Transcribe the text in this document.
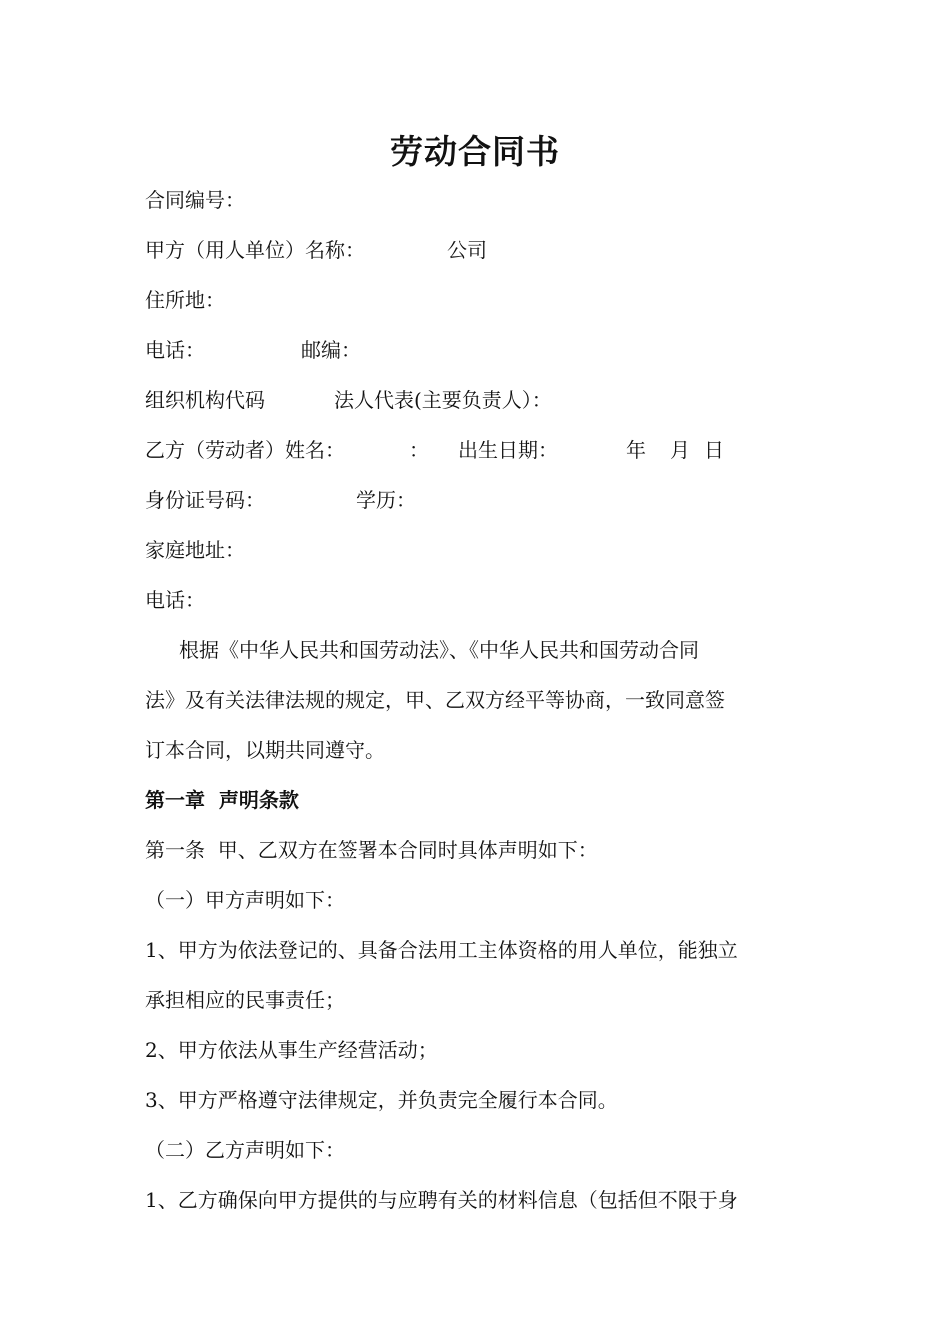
劳动合同书
合同编号：
甲方（用人单位）名称：	公司
住所地：
电话：	邮编：
组织机构代码	法人代表(主要负责人）：
乙方（劳动者）姓名：	： 出生日期：	年 月 日
身份证号码：	学历：
家庭地址：
电话：
根据《中华人民共和国劳动法》、《中华人民共和国劳动合同
法》及有关法律法规的规定，甲、乙双方经平等协商，一致同意签
订本合同，以期共同遵守。
第一章  声明条款
第一条  甲、乙双方在签署本合同时具体声明如下：
（一）甲方声明如下：
1、甲方为依法登记的、具备合法用工主体资格的用人单位，能独立
承担相应的民事责任；
2、甲方依法从事生产经营活动；
3、甲方严格遵守法律规定，并负责完全履行本合同。
（二）乙方声明如下：
1、乙方确保向甲方提供的与应聘有关的材料信息（包括但不限于身
